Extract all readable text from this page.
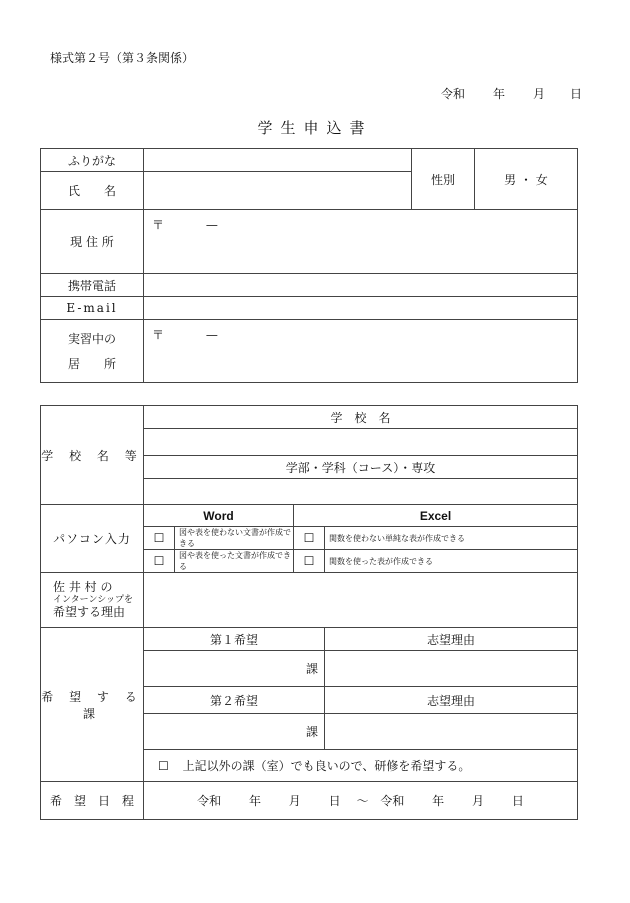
様式第２号（第３条関係）
令和 年 月 日
学生申込書
ふりがな		性別	男 ・ 女
氏　　名			
現 住 所	〒 —		
携帯電話			
E-mail			

実習中の
居　　所	〒 —		
学 校 名 等	学　校　名			

	学部・学科（コース）・専攻			

パソコン入力	Word		Excel	
	☐	図や表を使わない文書が作成できる	☐	関数を使わない単純な表が作成できる
	☐	図や表を使った文書が作成できる	☐	関数を使った表が作成できる

佐 井 村 の
インターンシップを
希望する理由				

希 望 す る 課	第１希望			志望理由
	課			
	第２希望			志望理由
	課			
	☐ 上記以外の課（室）でも良いので、研修を希望する。			
希　望　日　程	令和 年 月 日 〜 令和 年 月 日			
